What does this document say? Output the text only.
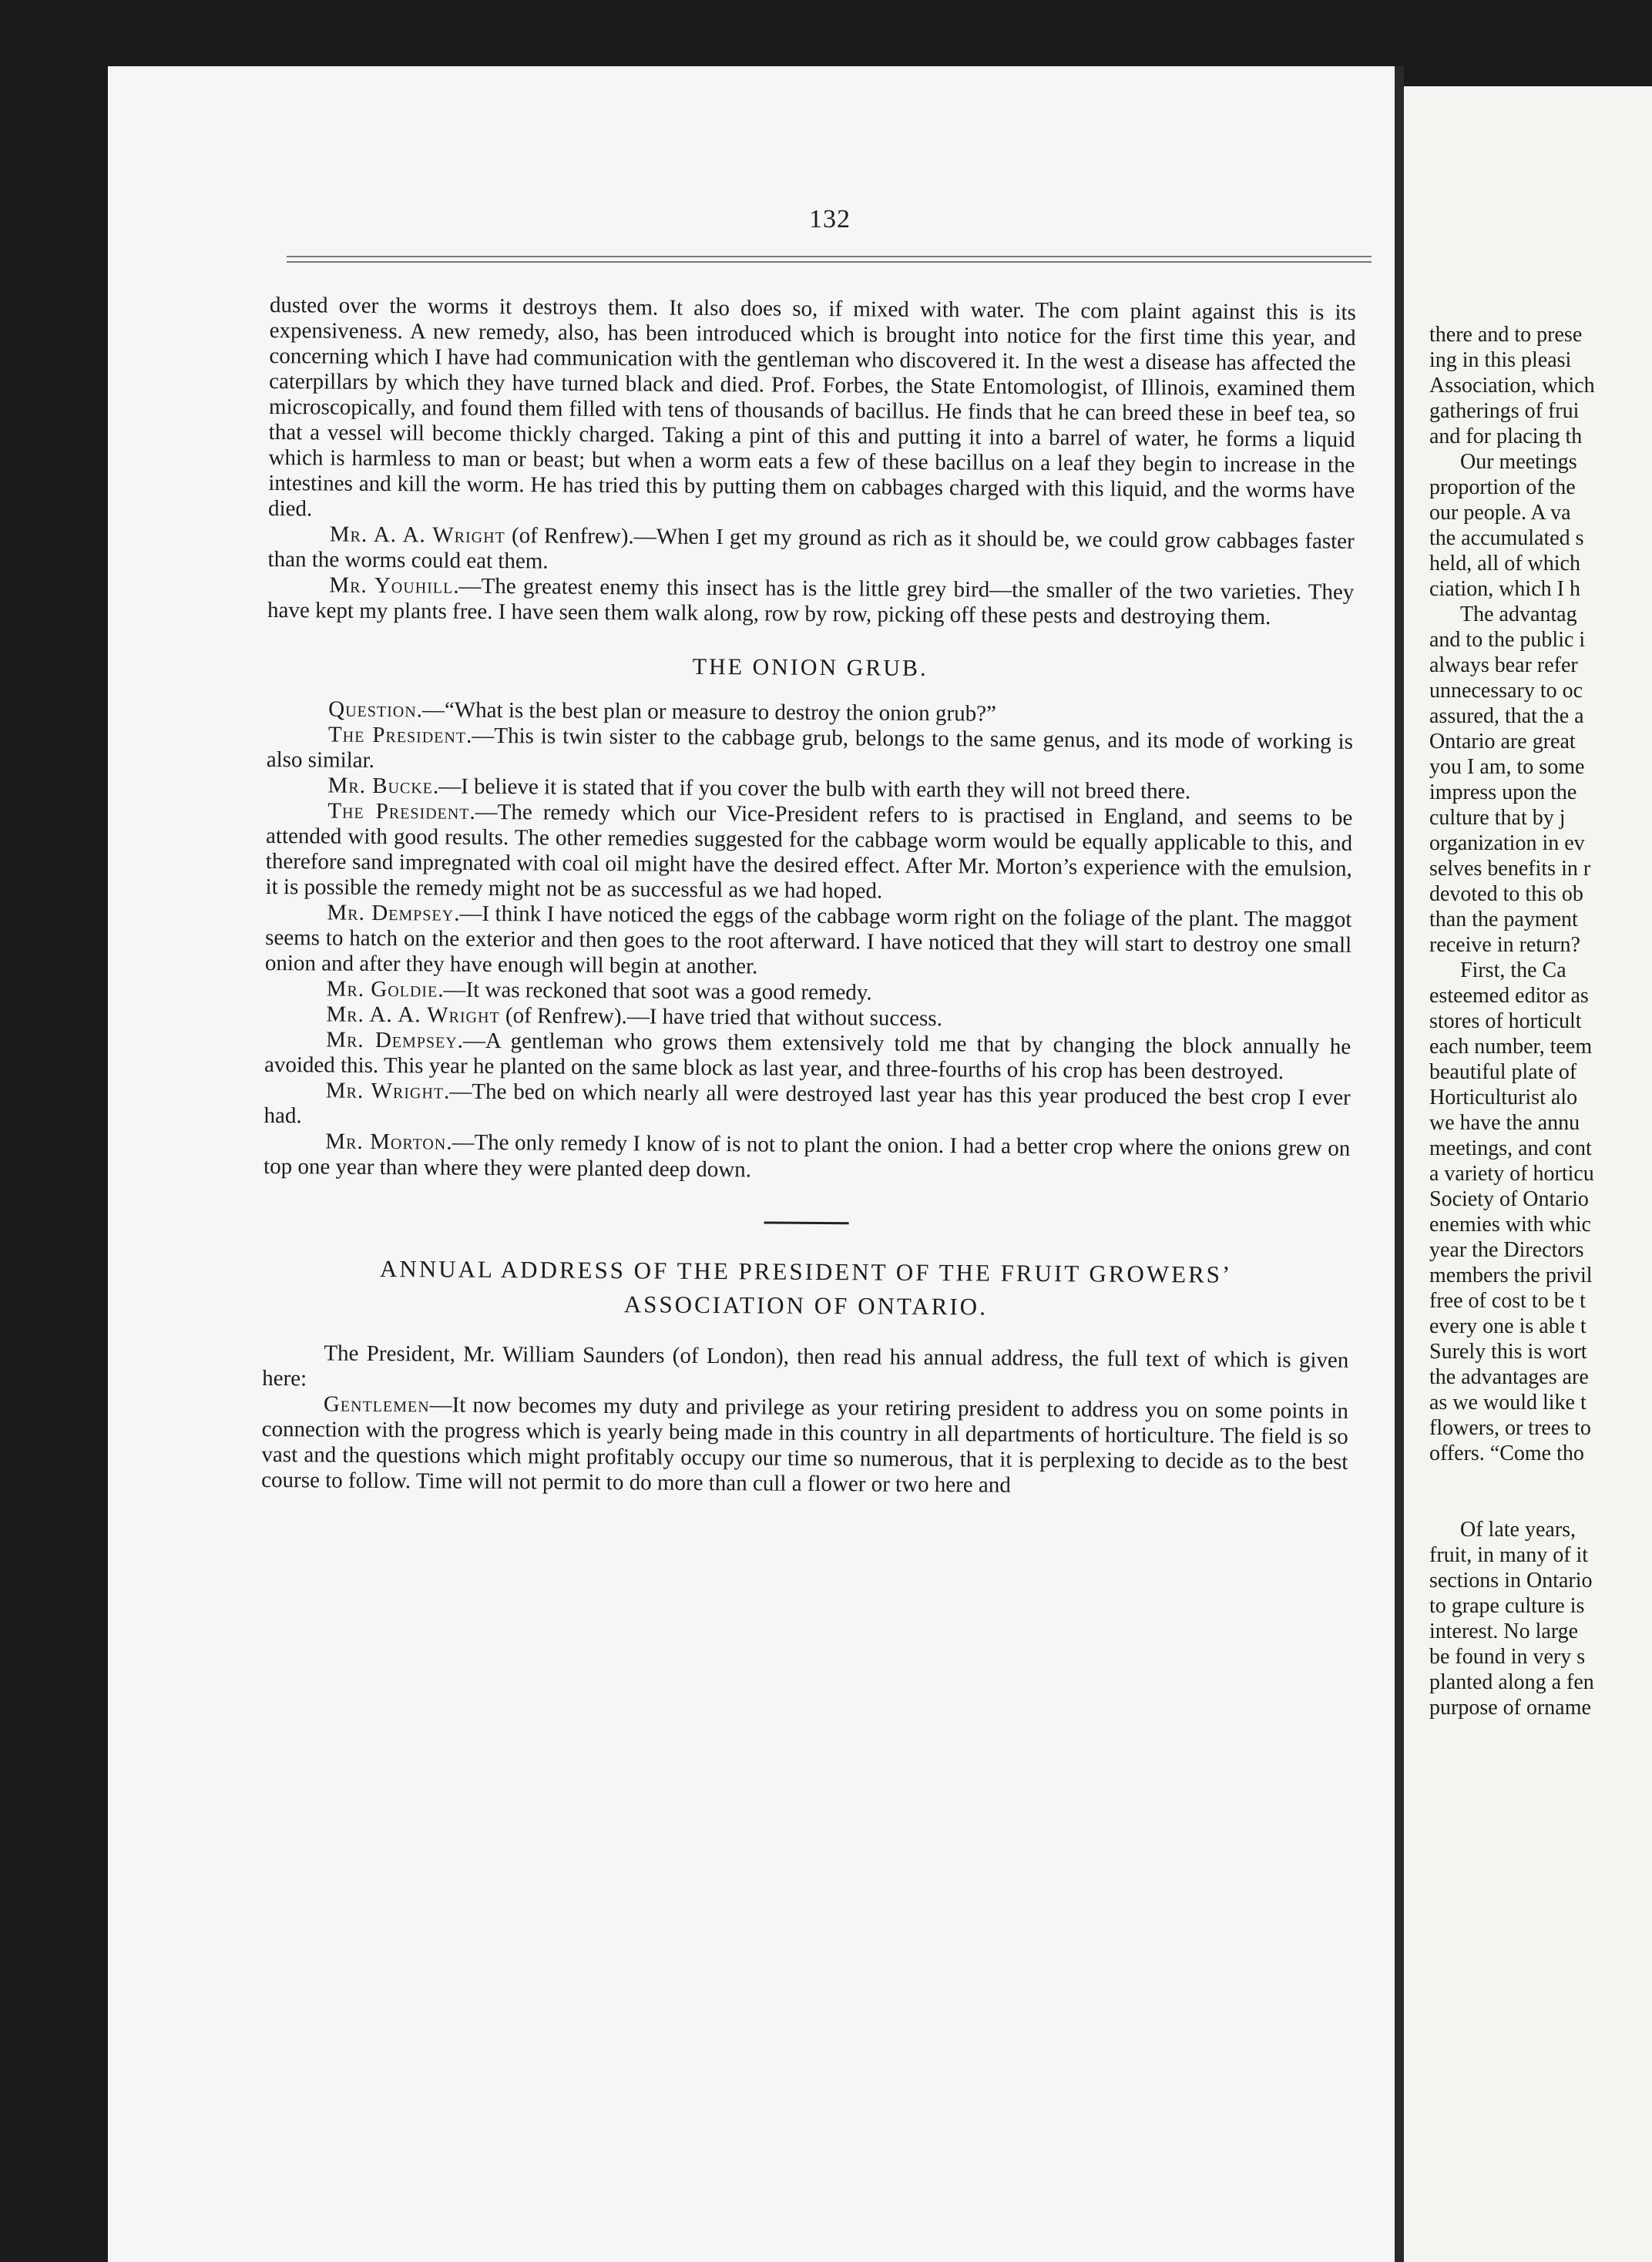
132

dusted over the worms it destroys them. It also does so, if mixed with water. The com plaint against this is its expensiveness. A new remedy, also, has been introduced which is brought into notice for the first time this year, and concerning which I have had communication with the gentleman who discovered it. In the west a disease has affected the caterpillars by which they have turned black and died. Prof. Forbes, the State Entomologist, of Illinois, examined them microscopically, and found them filled with tens of thousands of bacillus. He finds that he can breed these in beef tea, so that a vessel will become thickly charged. Taking a pint of this and putting it into a barrel of water, he forms a liquid which is harmless to man or beast; but when a worm eats a few of these bacillus on a leaf they begin to increase in the intestines and kill the worm. He has tried this by putting them on cabbages charged with this liquid, and the worms have died.

Mr. A. A. Wright (of Renfrew).—When I get my ground as rich as it should be, we could grow cabbages faster than the worms could eat them.

Mr. Youhill.—The greatest enemy this insect has is the little grey bird—the smaller of the two varieties. They have kept my plants free. I have seen them walk along, row by row, picking off these pests and destroying them.

THE ONION GRUB.

Question.—“What is the best plan or measure to destroy the onion grub?”

The President.—This is twin sister to the cabbage grub, belongs to the same genus, and its mode of working is also similar.

Mr. Bucke.—I believe it is stated that if you cover the bulb with earth they will not breed there.

The President.—The remedy which our Vice-President refers to is practised in England, and seems to be attended with good results. The other remedies suggested for the cabbage worm would be equally applicable to this, and therefore sand impregnated with coal oil might have the desired effect. After Mr. Morton’s experience with the emulsion, it is possible the remedy might not be as successful as we had hoped.

Mr. Dempsey.—I think I have noticed the eggs of the cabbage worm right on the foliage of the plant. The maggot seems to hatch on the exterior and then goes to the root afterward. I have noticed that they will start to destroy one small onion and after they have enough will begin at another.

Mr. Goldie.—It was reckoned that soot was a good remedy.

Mr. A. A. Wright (of Renfrew).—I have tried that without success.

Mr. Dempsey.—A gentleman who grows them extensively told me that by changing the block annually he avoided this. This year he planted on the same block as last year, and three-fourths of his crop has been destroyed.

Mr. Wright.—The bed on which nearly all were destroyed last year has this year produced the best crop I ever had.

Mr. Morton.—The only remedy I know of is not to plant the onion. I had a better crop where the onions grew on top one year than where they were planted deep down.

ANNUAL ADDRESS OF THE PRESIDENT OF THE FRUIT GROWERS’
ASSOCIATION OF ONTARIO.

The President, Mr. William Saunders (of London), then read his annual address, the full text of which is given here:

Gentlemen—It now becomes my duty and privilege as your retiring president to address you on some points in connection with the progress which is yearly being made in this country in all departments of horticulture. The field is so vast and the questions which might profitably occupy our time so numerous, that it is perplexing to decide as to the best course to follow. Time will not permit to do more than cull a flower or two here and

there and to prese
ing in this pleasi
Association, which
gatherings of frui
and for placing th
Our meetings
proportion of the
our people. A va
the accumulated s
held, all of which
ciation, which I h
The advantag
and to the public i
always bear refer
unnecessary to oc
assured, that the a
Ontario are great
you I am, to some
impress upon the
culture that by j
organization in ev
selves benefits in r
devoted to this ob
than the payment
receive in return?
First, the Ca
esteemed editor as
stores of horticult
each number, teem
beautiful plate of
Horticulturist alo
we have the annu
meetings, and cont
a variety of horticu
Society of Ontario
enemies with whic
year the Directors
members the privil
free of cost to be t
every one is able t
Surely this is wort
the advantages are
as we would like t
flowers, or trees to
offers. “Come tho
Of late years,
fruit, in many of it
sections in Ontario
to grape culture is
interest. No large
be found in very s
planted along a fen
purpose of orname
